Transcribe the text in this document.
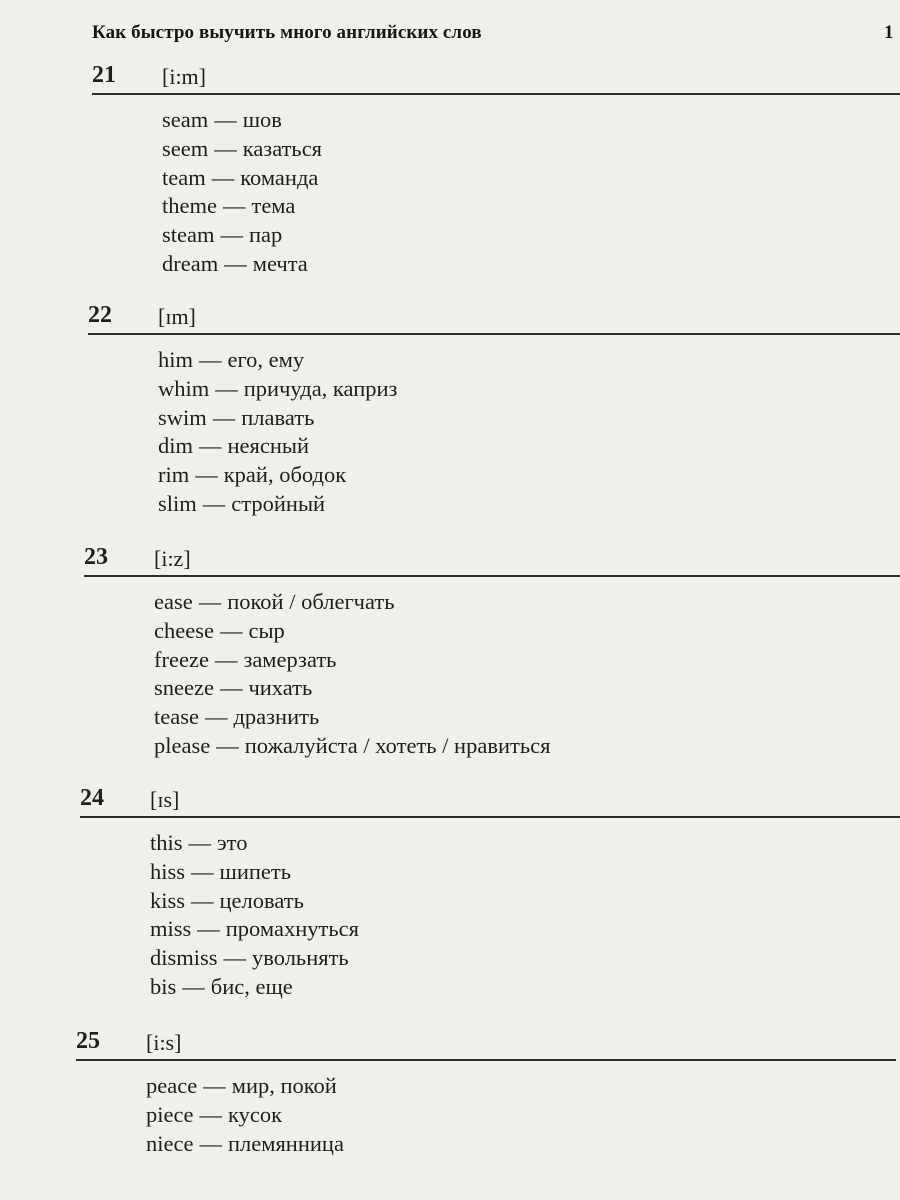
Как быстро выучить много английских слов	1
21 [i:m]
seam — шов
seem — казаться
team — команда
theme — тема
steam — пар
dream — мечта
22 [ɪm]
him — его, ему
whim — причуда, каприз
swim — плавать
dim — неясный
rim — край, ободок
slim — стройный
23 [i:z]
ease — покой / облегчать
cheese — сыр
freeze — замерзать
sneeze — чихать
tease — дразнить
please — пожалуйста / хотеть / нравиться
24 [ɪs]
this — это
hiss — шипеть
kiss — целовать
miss — промахнуться
dismiss — увольнять
bis — бис, еще
25 [i:s]
peace — мир, покой
piece — кусок
niece — племянница
